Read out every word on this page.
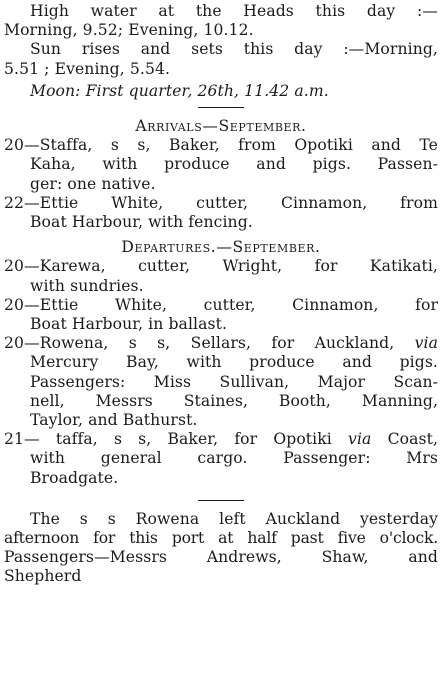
High water at the Heads this day :—
Morning, 9.52; Evening, 10.12.
Sun rises and sets this day :—Morning,
5.51 ; Evening, 5.54.
Moon: First quarter, 26th, 11.42 a.m.
Arrivals—September.
20—Staffa, s s, Baker, from Opotiki and Te
Kaha, with produce and pigs. Passen-
ger: one native.
22—Ettie White, cutter, Cinnamon, from
Boat Harbour, with fencing.
Departures.—September.
20—Karewa, cutter, Wright, for Katikati,
with sundries.
20—Ettie White, cutter, Cinnamon, for
Boat Harbour, in ballast.
20—Rowena, s s, Sellars, for Auckland, via
Mercury Bay, with produce and pigs.
Passengers: Miss Sullivan, Major Scan-
nell, Messrs Staines, Booth, Manning,
Taylor, and Bathurst.
21— taffa, s s, Baker, for Opotiki via Coast,
with general cargo. Passenger: Mrs
Broadgate.
The s s Rowena left Auckland yesterday
afternoon for this port at half past five o'clock.
Passengers—Messrs Andrews, Shaw, and
Shepherd
